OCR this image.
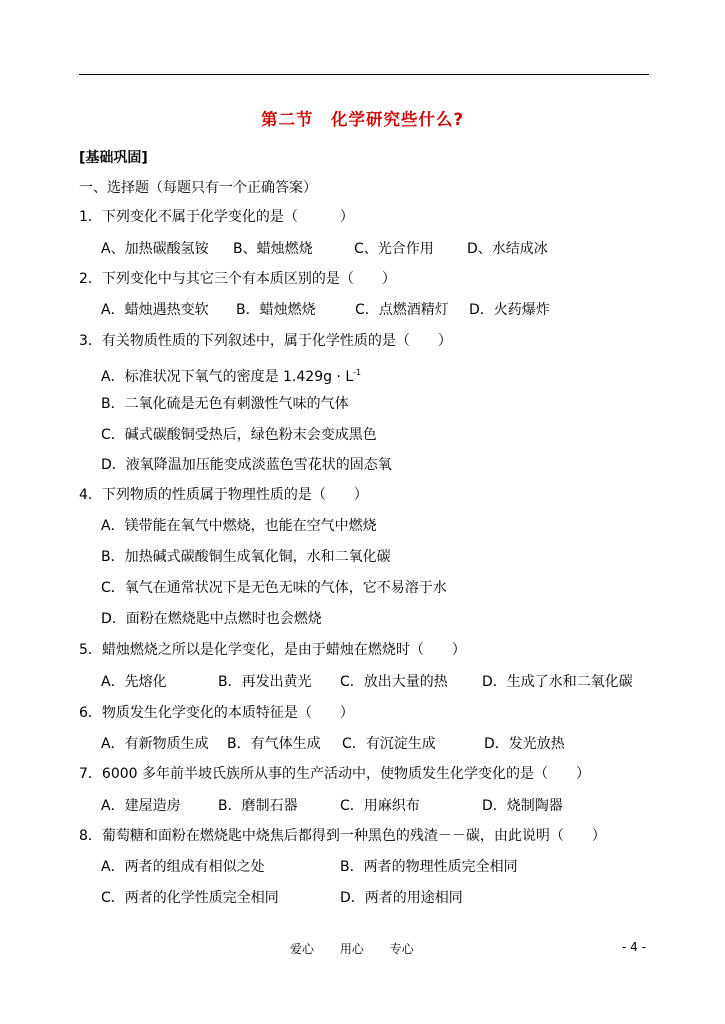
第二节　化学研究些什么?
[基础巩固]
一、选择题（每题只有一个正确答案）
1．下列变化不属于化学变化的是（　　　）
A、加热碳酸氢铵 B、蜡烛燃烧	C、光合作用 D、水结成冰
2．下列变化中与其它三个有本质区别的是（　　）
A．蜡烛遇热变软 B．蜡烛燃烧	C．点燃酒精灯 D．火药爆炸
3．有关物质性质的下列叙述中，属于化学性质的是（　　）
A．标准状况下氧气的密度是 $1.429g \cdot L^{-1}$
B．二氧化硫是无色有刺激性气味的气体
C．碱式碳酸铜受热后，绿色粉末会变成黑色
D．液氧降温加压能变成淡蓝色雪花状的固态氧
4．下列物质的性质属于物理性质的是（　　）
A．镁带能在氧气中燃烧，也能在空气中燃烧
B．加热碱式碳酸铜生成氧化铜，水和二氧化碳
C．氧气在通常状况下是无色无味的气体，它不易溶于水
D．面粉在燃烧匙中点燃时也会燃烧
5．蜡烛燃烧之所以是化学变化，是由于蜡烛在燃烧时（　　）
A．先熔化	B．再发出黄光 C．放出大量的热 D．生成了水和二氧化碳
6．物质发生化学变化的本质特征是（　　）
A．有新物质生成 B．有气体生成 C．有沉淀生成	D．发光放热
7．6000 多年前半坡氏族所从事的生产活动中，使物质发生化学变化的是（　　）
A．建屋造房	B．磨制石器	C．用麻织布	D．烧制陶器
8．葡萄糖和面粉在燃烧匙中烧焦后都得到一种黑色的残渣－－碳，由此说明（　　）
A．两者的组成有相似之处	B．两者的物理性质完全相同
C．两者的化学性质完全相同	D．两者的用途相同
爱心 用心 专心	- 4 -
